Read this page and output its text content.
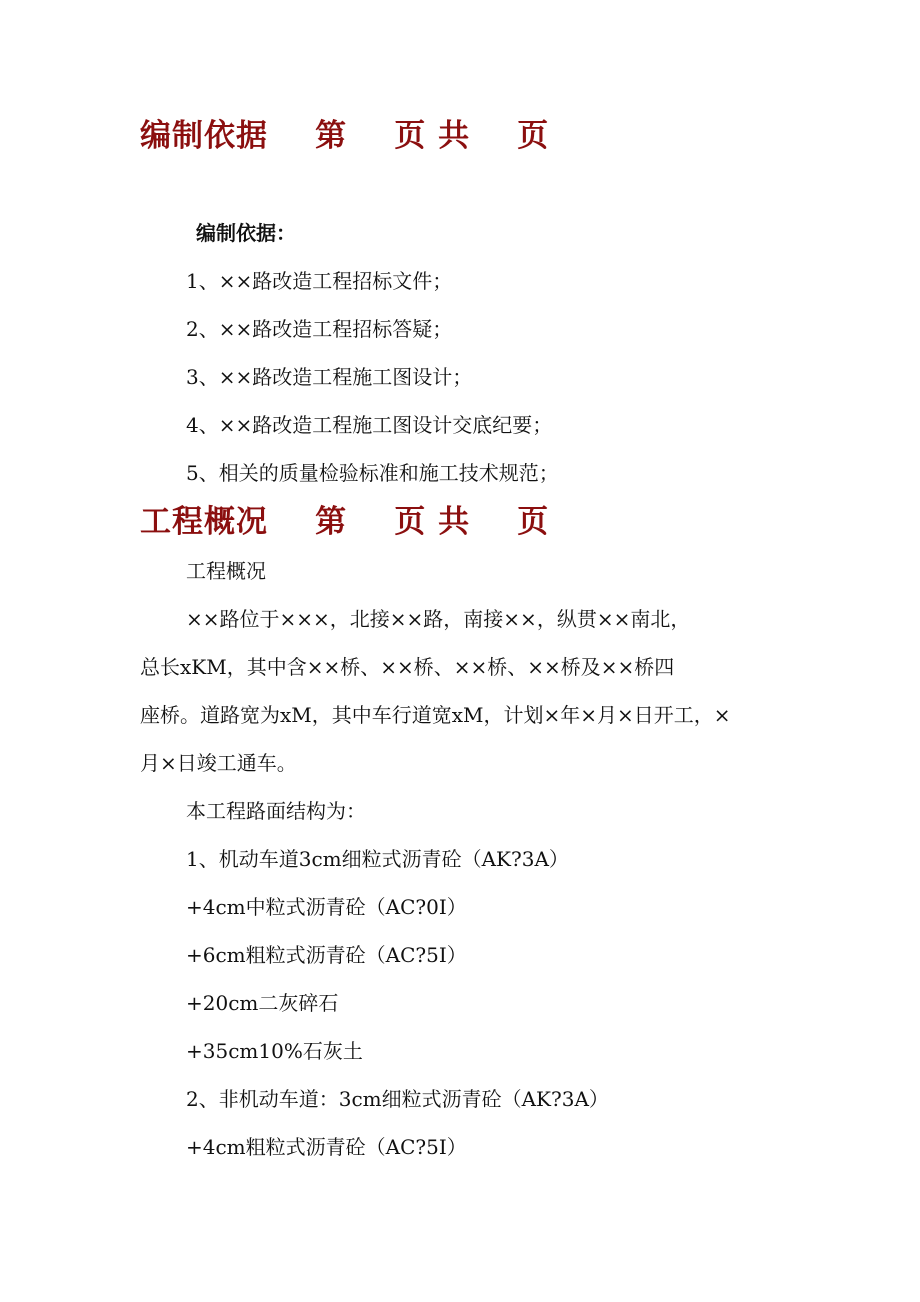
编制依据    第    页 共    页

编制依据：

1、××路改造工程招标文件；

2、××路改造工程招标答疑；

3、××路改造工程施工图设计；

4、××路改造工程施工图设计交底纪要；

5、相关的质量检验标准和施工技术规范；

工程概况    第    页 共    页

工程概况

××路位于×××，北接××路，南接××，纵贯××南北，

总长xKM，其中含××桥、××桥、××桥、××桥及××桥四

座桥。道路宽为xM，其中车行道宽xM，计划×年×月×日开工，×

月×日竣工通车。

本工程路面结构为：

1、机动车道3cm细粒式沥青砼（AK?3A）

+4cm中粒式沥青砼（AC?0I）

+6cm粗粒式沥青砼（AC?5I）

+20cm二灰碎石

+35cm10%石灰土

2、非机动车道：3cm细粒式沥青砼（AK?3A）

+4cm粗粒式沥青砼（AC?5I）
